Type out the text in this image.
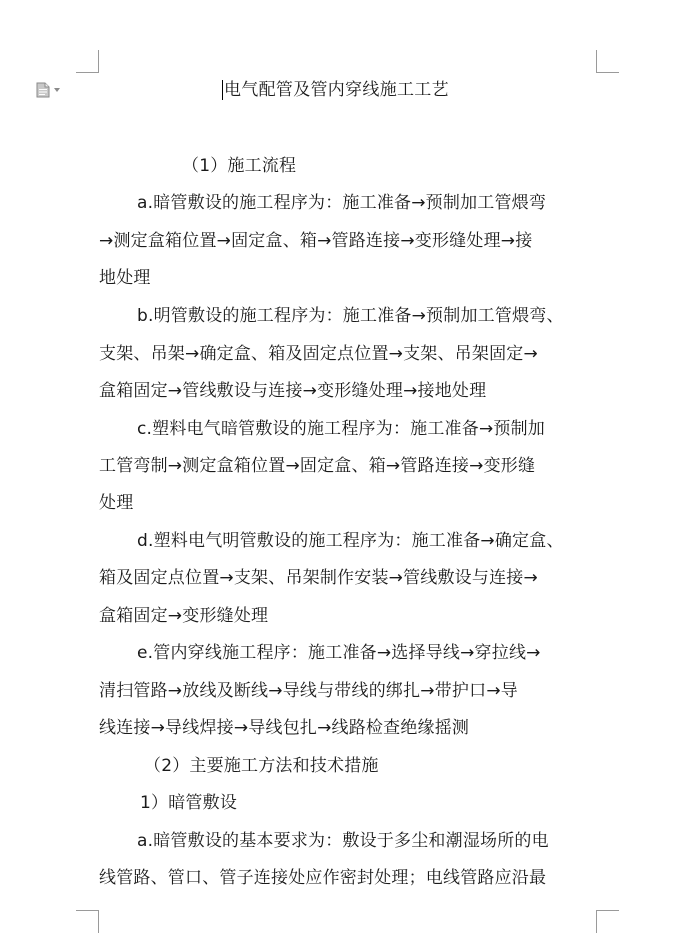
电气配管及管内穿线施工工艺
（1）施工流程
a.暗管敷设的施工程序为：施工准备→预制加工管煨弯
→测定盒箱位置→固定盒、箱→管路连接→变形缝处理→接
地处理
b.明管敷设的施工程序为：施工准备→预制加工管煨弯、
支架、吊架→确定盒、箱及固定点位置→支架、吊架固定→
盒箱固定→管线敷设与连接→变形缝处理→接地处理
c.塑料电气暗管敷设的施工程序为：施工准备→预制加
工管弯制→测定盒箱位置→固定盒、箱→管路连接→变形缝
处理
d.塑料电气明管敷设的施工程序为：施工准备→确定盒、
箱及固定点位置→支架、吊架制作安装→管线敷设与连接→
盒箱固定→变形缝处理
e.管内穿线施工程序：施工准备→选择导线→穿拉线→
清扫管路→放线及断线→导线与带线的绑扎→带护口→导
线连接→导线焊接→导线包扎→线路检查绝缘摇测
（2）主要施工方法和技术措施
1）暗管敷设
a.暗管敷设的基本要求为：敷设于多尘和潮湿场所的电
线管路、管口、管子连接处应作密封处理；电线管路应沿最
